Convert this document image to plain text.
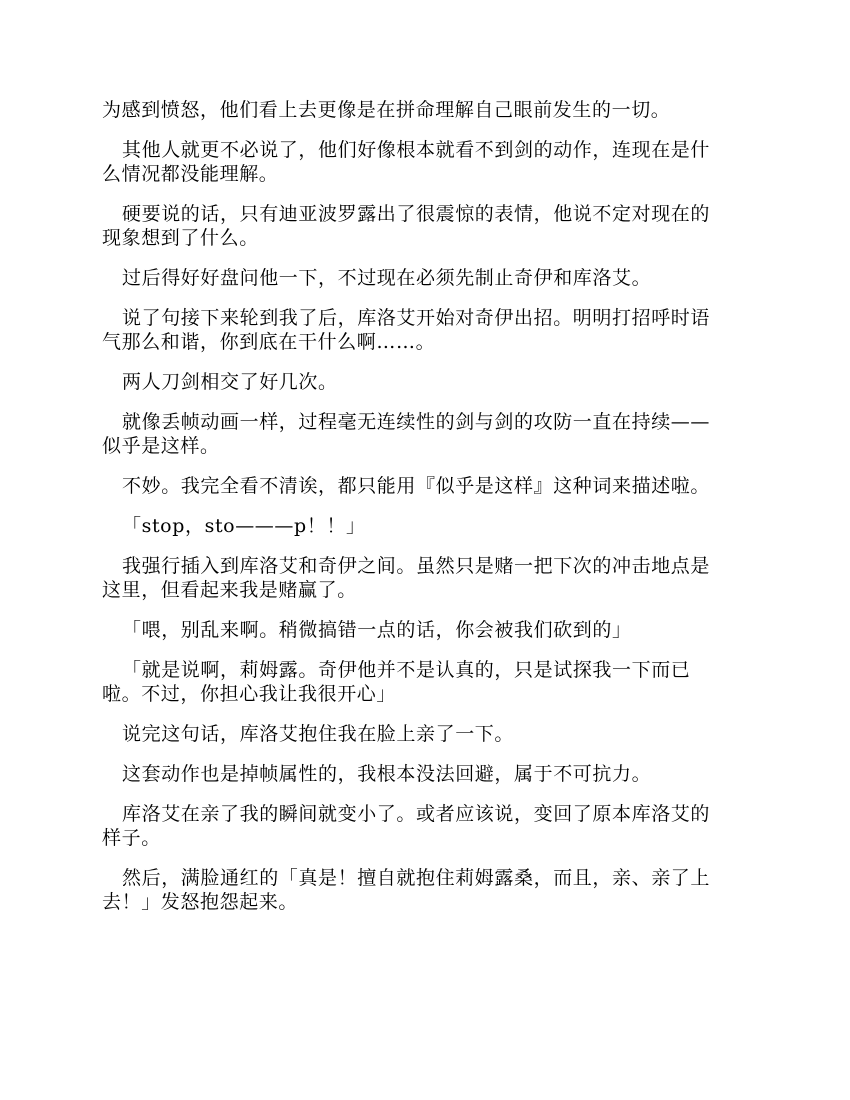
为感到愤怒，他们看上去更像是在拼命理解自己眼前发生的一切。
其他人就更不必说了，他们好像根本就看不到剑的动作，连现在是什
么情况都没能理解。
硬要说的话，只有迪亚波罗露出了很震惊的表情，他说不定对现在的
现象想到了什么。
过后得好好盘问他一下，不过现在必须先制止奇伊和库洛艾。
说了句接下来轮到我了后，库洛艾开始对奇伊出招。明明打招呼时语
气那么和谐，你到底在干什么啊……。
两人刀剑相交了好几次。
就像丢帧动画一样，过程毫无连续性的剑与剑的攻防一直在持续——
似乎是这样。
不妙。我完全看不清诶，都只能用『似乎是这样』这种词来描述啦。
「stop，sto———p！！」
我强行插入到库洛艾和奇伊之间。虽然只是赌一把下次的冲击地点是
这里，但看起来我是赌赢了。
「喂，别乱来啊。稍微搞错一点的话，你会被我们砍到的」
「就是说啊，莉姆露。奇伊他并不是认真的，只是试探我一下而已
啦。不过，你担心我让我很开心」
说完这句话，库洛艾抱住我在脸上亲了一下。
这套动作也是掉帧属性的，我根本没法回避，属于不可抗力。
库洛艾在亲了我的瞬间就变小了。或者应该说，变回了原本库洛艾的
样子。
然后，满脸通红的「真是！擅自就抱住莉姆露桑，而且，亲、亲了上
去！」发怒抱怨起来。
